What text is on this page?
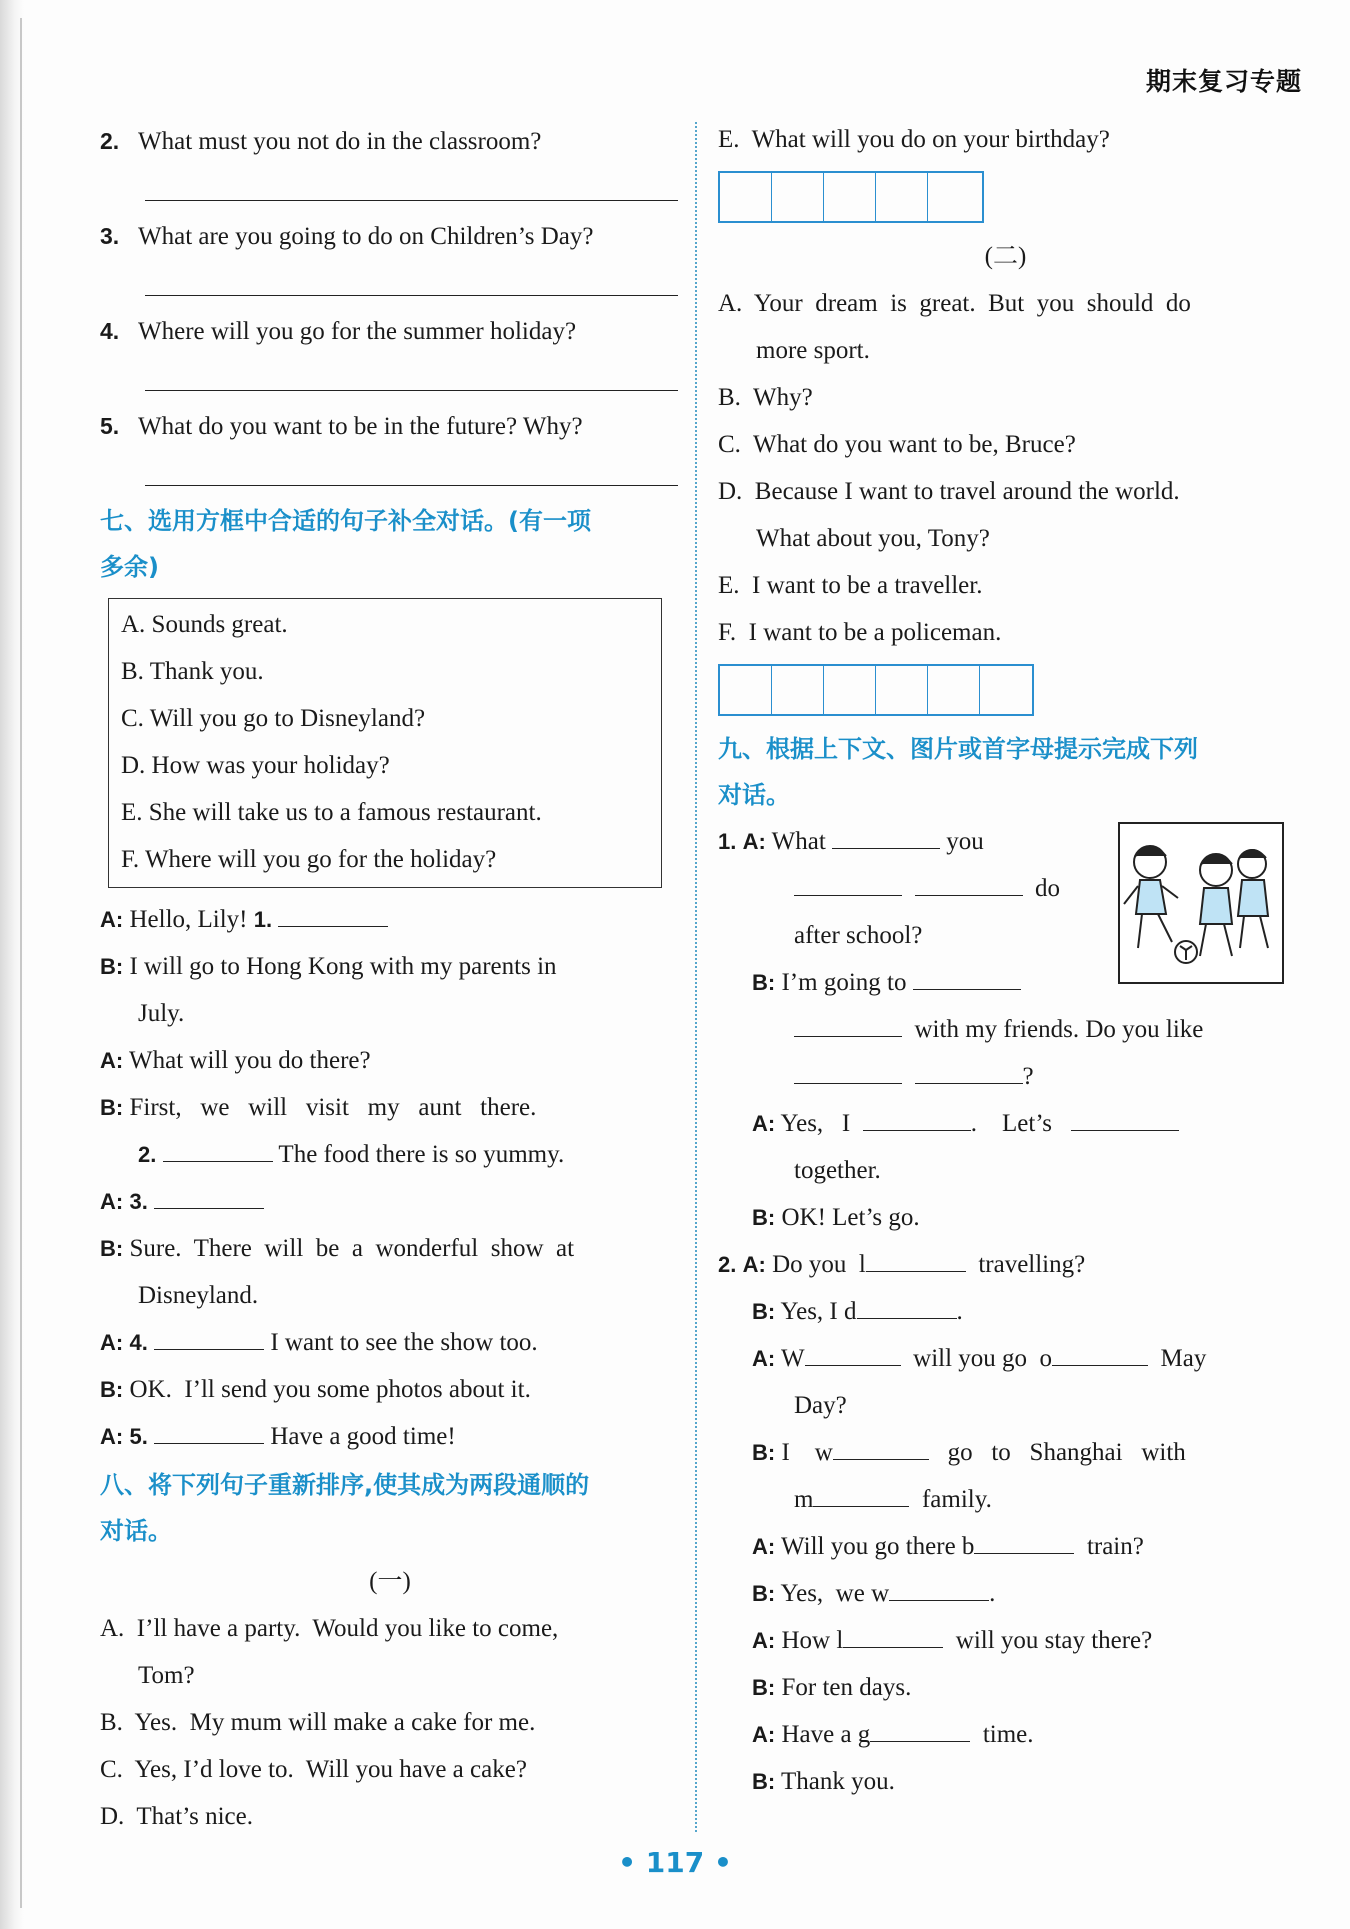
期末复习专题
2. What must you not do in the classroom?
3. What are you going to do on Children’s Day?
4. Where will you go for the summer holiday?
5. What do you want to be in the future? Why?
七、选用方框中合适的句子补全对话。(有一项
多余)
A. Sounds great.
B. Thank you.
C. Will you go to Disneyland?
D. How was your holiday?
E. She will take us to a famous restaurant.
F. Where will you go for the holiday?
A: Hello, Lily! 1.
B: I will go to Hong Kong with my parents in
July.
A: What will you do there?
B: First,   we   will   visit   my   aunt   there.
2.	The food there is so yummy.
A: 3.
B: Sure.  There  will  be  a  wonderful  show  at
Disneyland.
A: 4.	I want to see the show too.
B: OK.  I’ll send you some photos about it.
A: 5.	Have a good time!
八、将下列句子重新排序,使其成为两段通顺的
对话。
(一)
A.  I’ll have a party.  Would you like to come,
Tom?
B.  Yes.  My mum will make a cake for me.
C.  Yes, I’d love to.  Will you have a cake?
D.  That’s nice.
E.  What will you do on your birthday?
(二)
A.  Your  dream  is  great.  But  you  should  do
more sport.
B.  Why?
C.  What do you want to be, Bruce?
D.  Because I want to travel around the world.
What about you, Tony?
E.  I want to be a traveller.
F.  I want to be a policeman.
九、根据上下文、图片或首字母提示完成下列
对话。
1. A: What	you
do
after school?
B: I’m going to
with my friends. Do you like
?
A: Yes,   I	.    Let’s
together.
B: OK! Let’s go.
2. A: Do you  l	travelling?
B: Yes, I d	.
A: W	will you go  o	May
Day?
B: I    w	go   to   Shanghai   with
m	family.
A: Will you go there b	train?
B: Yes,  we w	.
A: How l	will you stay there?
B: For ten days.
A: Have a g	time.
B: Thank you.
• 117 •
